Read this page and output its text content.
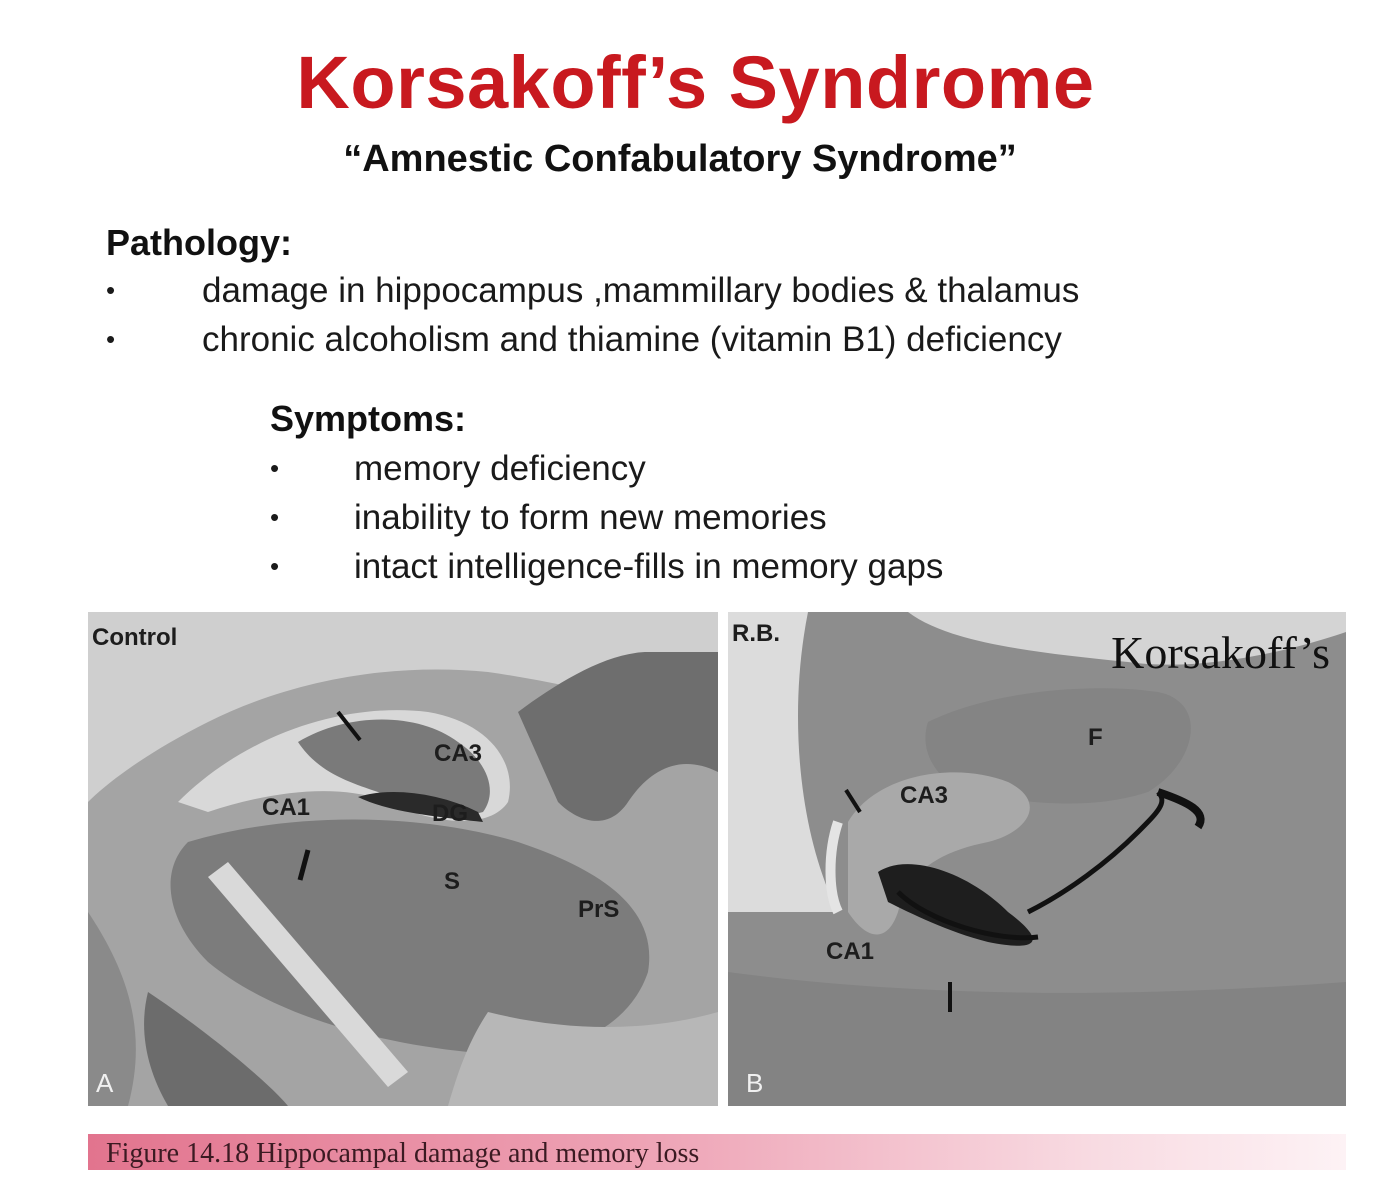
Korsakoff’s Syndrome
“Amnestic Confabulatory Syndrome”
Pathology:
• damage in hippocampus ,mammillary bodies & thalamus
• chronic alcoholism and thiamine (vitamin B1) deficiency
Symptoms:
• memory deficiency
• inability to form new memories
• intact intelligence-fills in memory gaps
Control
CA3
CA1	DG
S
PrS
A
R.B.	Korsakoff’s
F
CA3
CA1
B
Figure 14.18 Hippocampal damage and memory loss
